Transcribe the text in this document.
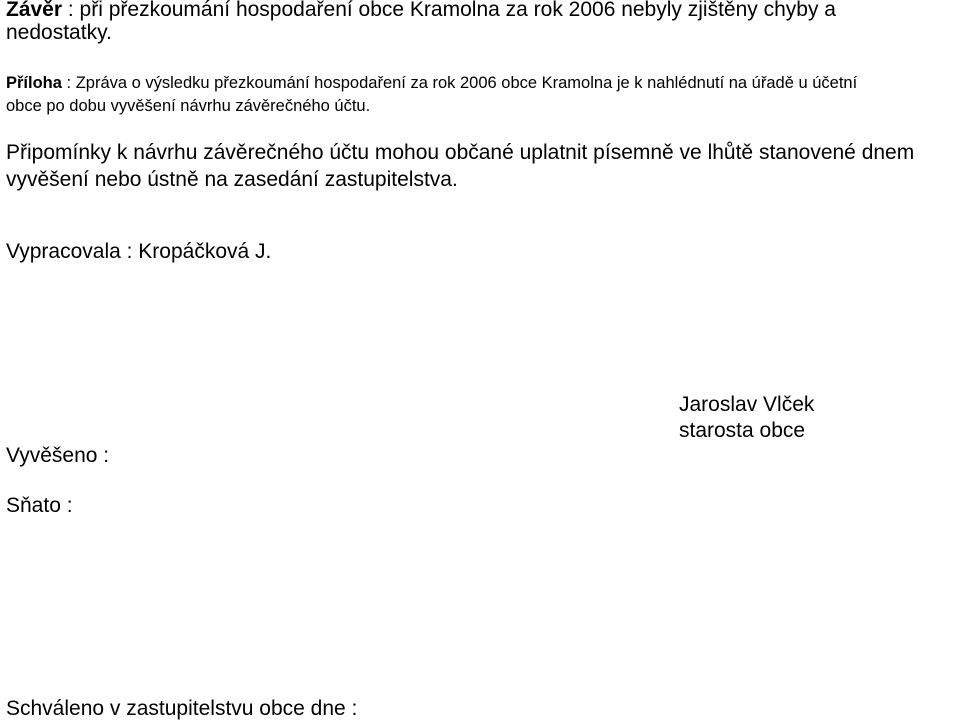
Závěr : při přezkoumání hospodaření obce Kramolna za rok 2006 nebyly zjištěny chyby a
nedostatky.
Příloha : Zpráva o výsledku přezkoumání hospodaření za rok 2006 obce Kramolna je k nahlédnutí na úřadě u účetní
obce po dobu vyvěšení návrhu závěrečného účtu.
Připomínky k návrhu závěrečného účtu mohou občané uplatnit písemně ve lhůtě stanovené dnem
vyvěšení nebo ústně na zasedání zastupitelstva.
Vypracovala : Kropáčková J.
Jaroslav Vlček
starosta obce
Vyvěšeno :
Sňato :
Schváleno v zastupitelstvu obce dne :
